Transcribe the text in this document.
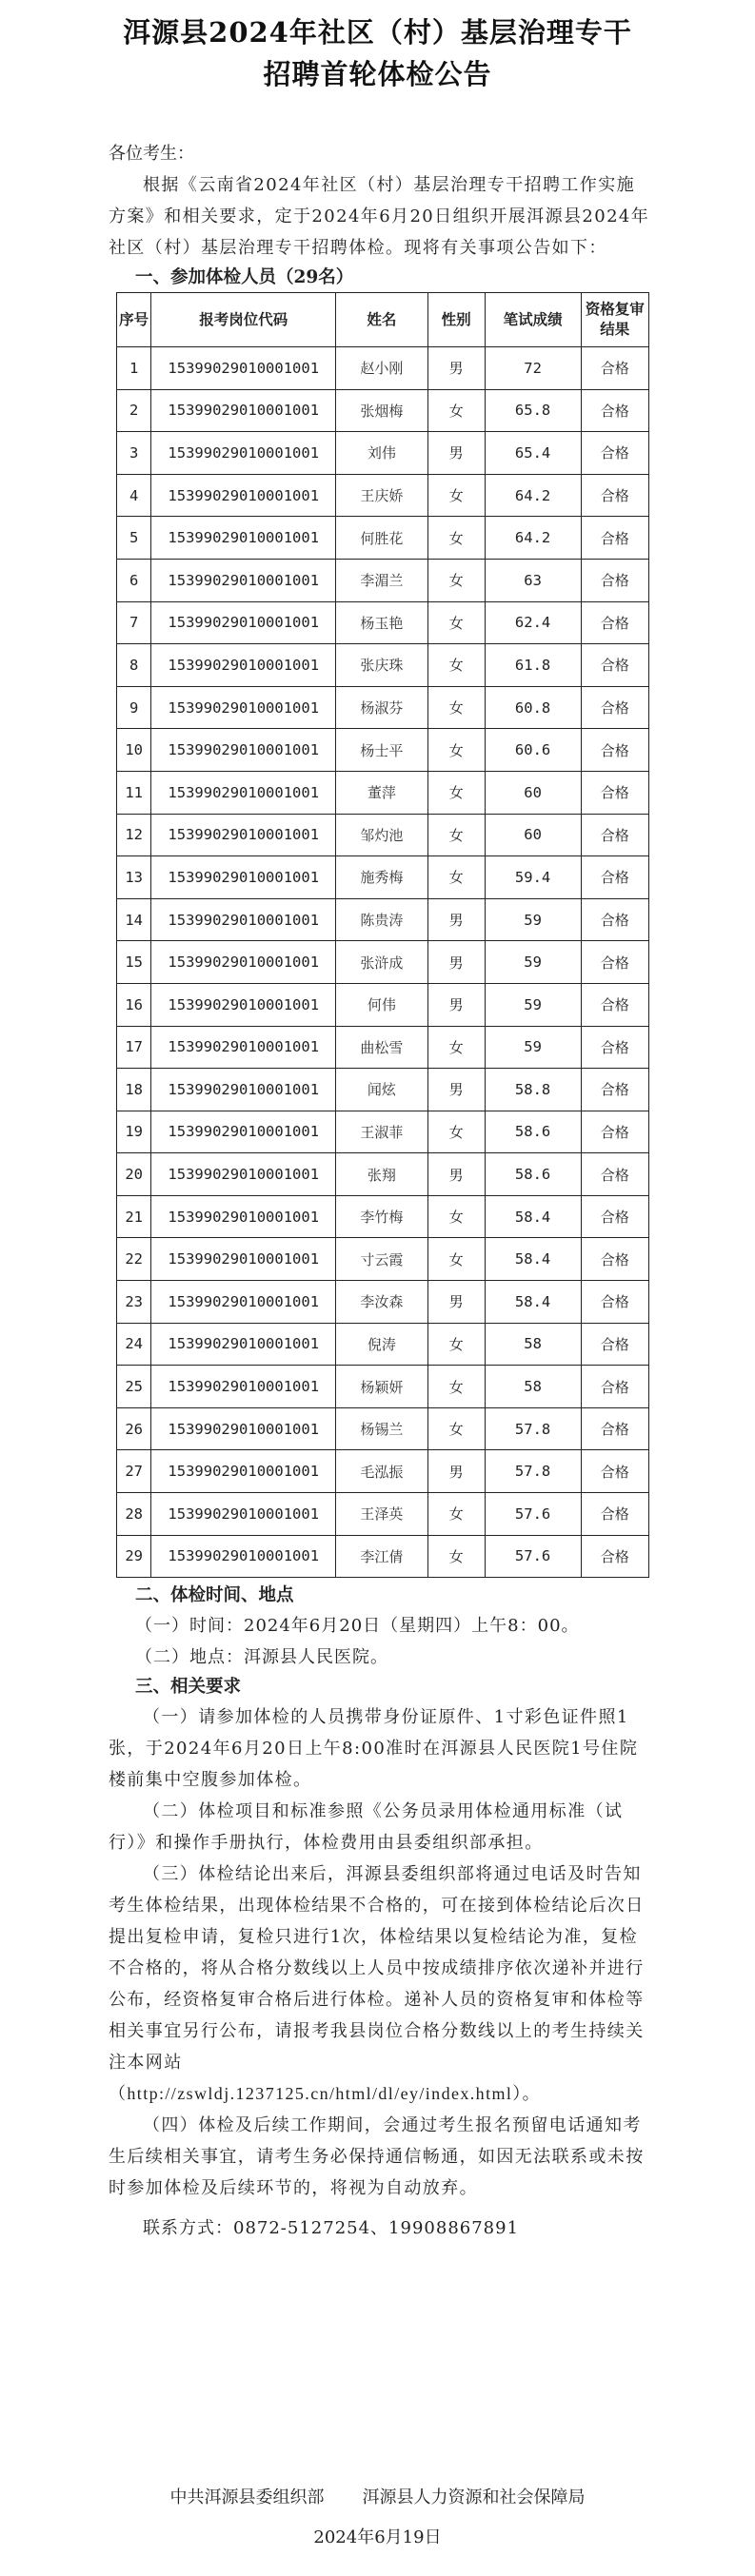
洱源县2024年社区（村）基层治理专干
招聘首轮体检公告
各位考生：

根据《云南省2024年社区（村）基层治理专干招聘工作实施方案》和相关要求，定于2024年6月20日组织开展洱源县2024年社区（村）基层治理专干招聘体检。现将有关事项公告如下：

一、参加体检人员（29名）
序号	报考岗位代码	姓名	性别	笔试成绩	资格复审结果
1	15399029010001001	赵小刚	男	72	合格
2	15399029010001001	张烟梅	女	65.8	合格
3	15399029010001001	刘伟	男	65.4	合格
4	15399029010001001	王庆娇	女	64.2	合格
5	15399029010001001	何胜花	女	64.2	合格
6	15399029010001001	李湄兰	女	63	合格
7	15399029010001001	杨玉艳	女	62.4	合格
8	15399029010001001	张庆珠	女	61.8	合格
9	15399029010001001	杨淑芬	女	60.8	合格
10	15399029010001001	杨士平	女	60.6	合格
11	15399029010001001	董萍	女	60	合格
12	15399029010001001	邹灼池	女	60	合格
13	15399029010001001	施秀梅	女	59.4	合格
14	15399029010001001	陈贵涛	男	59	合格
15	15399029010001001	张浒成	男	59	合格
16	15399029010001001	何伟	男	59	合格
17	15399029010001001	曲松雪	女	59	合格
18	15399029010001001	闻炫	男	58.8	合格
19	15399029010001001	王淑菲	女	58.6	合格
20	15399029010001001	张翔	男	58.6	合格
21	15399029010001001	李竹梅	女	58.4	合格
22	15399029010001001	寸云霞	女	58.4	合格
23	15399029010001001	李汝森	男	58.4	合格
24	15399029010001001	倪涛	女	58	合格
25	15399029010001001	杨颖妍	女	58	合格
26	15399029010001001	杨锡兰	女	57.8	合格
27	15399029010001001	毛泓振	男	57.8	合格
28	15399029010001001	王泽英	女	57.6	合格
29	15399029010001001	李江倩	女	57.6	合格
二、体检时间、地点
（一）时间：2024年6月20日（星期四）上午8：00。
（二）地点：洱源县人民医院。
三、相关要求

（一）请参加体检的人员携带身份证原件、1寸彩色证件照1张，于2024年6月20日上午8:00准时在洱源县人民医院1号住院楼前集中空腹参加体检。

（二）体检项目和标准参照《公务员录用体检通用标准（试行）》和操作手册执行，体检费用由县委组织部承担。

（三）体检结论出来后，洱源县委组织部将通过电话及时告知考生体检结果，出现体检结果不合格的，可在接到体检结论后次日提出复检申请，复检只进行1次，体检结果以复检结论为准，复检不合格的，将从合格分数线以上人员中按成绩排序依次递补并进行公布，经资格复审合格后进行体检。递补人员的资格复审和体检等相关事宜另行公布，请报考我县岗位合格分数线以上的考生持续关注本网站
（http://zswldj.1237125.cn/html/dl/ey/index.html）。

（四）体检及后续工作期间，会通过考生报名预留电话通知考生后续相关事宜，请考生务必保持通信畅通，如因无法联系或未按时参加体检及后续环节的，将视为自动放弃。

联系方式：0872-5127254、19908867891
中共洱源县委组织部 洱源县人力资源和社会保障局
2024年6月19日
